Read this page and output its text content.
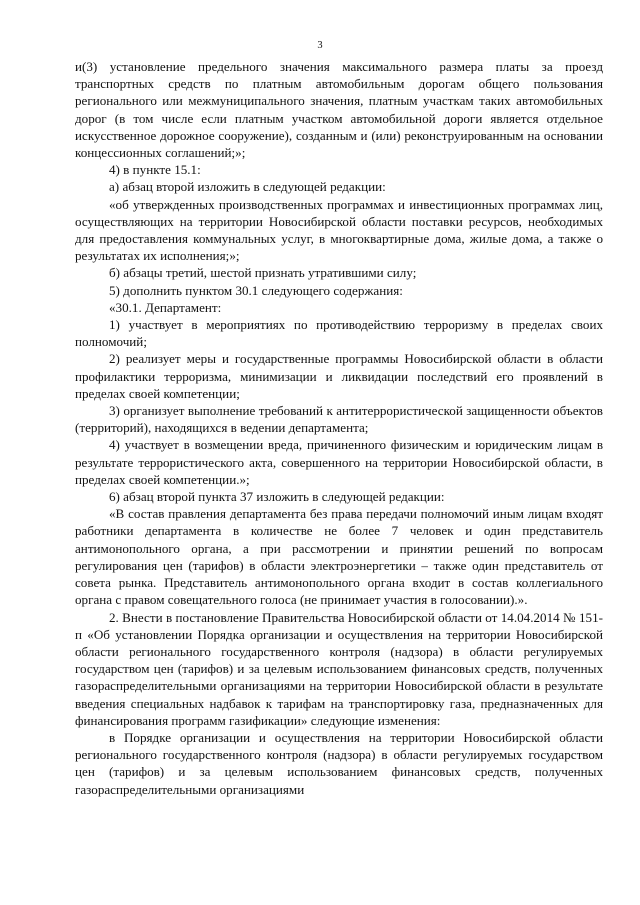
3

и(3) установление предельного значения максимального размера платы за проезд транспортных средств по платным автомобильным дорогам общего пользования регионального или межмуниципального значения, платным участкам таких автомобильных дорог (в том числе если платным участком автомобильной дороги является отдельное искусственное дорожное сооружение), созданным и (или) реконструированным на основании концессионных соглашений;»;

4) в пункте 15.1:

а) абзац второй изложить в следующей редакции:

«об утвержденных производственных программах и инвестиционных программах лиц, осуществляющих на территории Новосибирской области поставки ресурсов, необходимых для предоставления коммунальных услуг, в многоквартирные дома, жилые дома, а также о результатах их исполнения;»;

б) абзацы третий, шестой признать утратившими силу;

5) дополнить пунктом 30.1 следующего содержания:

«30.1. Департамент:

1) участвует в мероприятиях по противодействию терроризму в пределах своих полномочий;

2) реализует меры и государственные программы Новосибирской области в области профилактики терроризма, минимизации и ликвидации последствий его проявлений в пределах своей компетенции;

3) организует выполнение требований к антитеррористической защищенности объектов (территорий), находящихся в ведении департамента;

4) участвует в возмещении вреда, причиненного физическим и юридическим лицам в результате террористического акта, совершенного на территории Новосибирской области, в пределах своей компетенции.»;

6) абзац второй пункта 37 изложить в следующей редакции:

«В состав правления департамента без права передачи полномочий иным лицам входят работники департамента в количестве не более 7 человек и один представитель антимонопольного органа, а при рассмотрении и принятии решений по вопросам регулирования цен (тарифов) в области электроэнергетики – также один представитель от совета рынка. Представитель антимонопольного органа входит в состав коллегиального органа с правом совещательного голоса (не принимает участия в голосовании).».

2. Внести в постановление Правительства Новосибирской области от 14.04.2014 № 151-п «Об установлении Порядка организации и осуществления на территории Новосибирской области регионального государственного контроля (надзора) в области регулируемых государством цен (тарифов) и за целевым использованием финансовых средств, полученных газораспределительными организациями на территории Новосибирской области в результате введения специальных надбавок к тарифам на транспортировку газа, предназначенных для финансирования программ газификации» следующие изменения:

в Порядке организации и осуществления на территории Новосибирской области регионального государственного контроля (надзора) в области регулируемых государством цен (тарифов) и за целевым использованием финансовых средств, полученных газораспределительными организациями
